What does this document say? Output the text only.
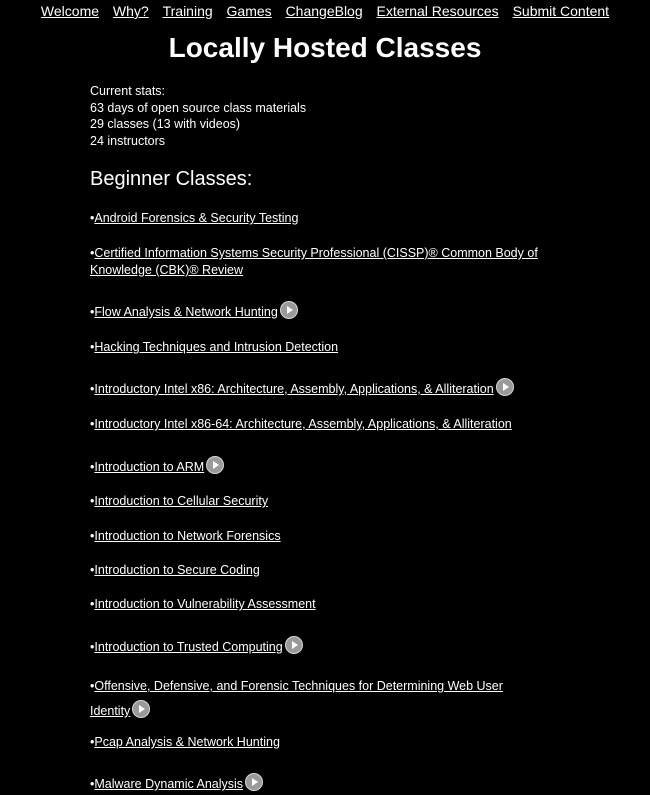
Welcome Why? Training Games ChangeBlog External Resources Submit Content
Locally Hosted Classes
Current stats:
63 days of open source class materials
29 classes (13 with videos)
24 instructors
Beginner Classes:
•Android Forensics & Security Testing
•Certified Information Systems Security Professional (CISSP)® Common Body of Knowledge (CBK)® Review
•Flow Analysis & Network Hunting
•Hacking Techniques and Intrusion Detection
•Introductory Intel x86: Architecture, Assembly, Applications, & Alliteration
•Introductory Intel x86-64: Architecture, Assembly, Applications, & Alliteration
•Introduction to ARM
•Introduction to Cellular Security
•Introduction to Network Forensics
•Introduction to Secure Coding
•Introduction to Vulnerability Assessment
•Introduction to Trusted Computing
•Offensive, Defensive, and Forensic Techniques for Determining Web User Identity
•Pcap Analysis & Network Hunting
•Malware Dynamic Analysis
